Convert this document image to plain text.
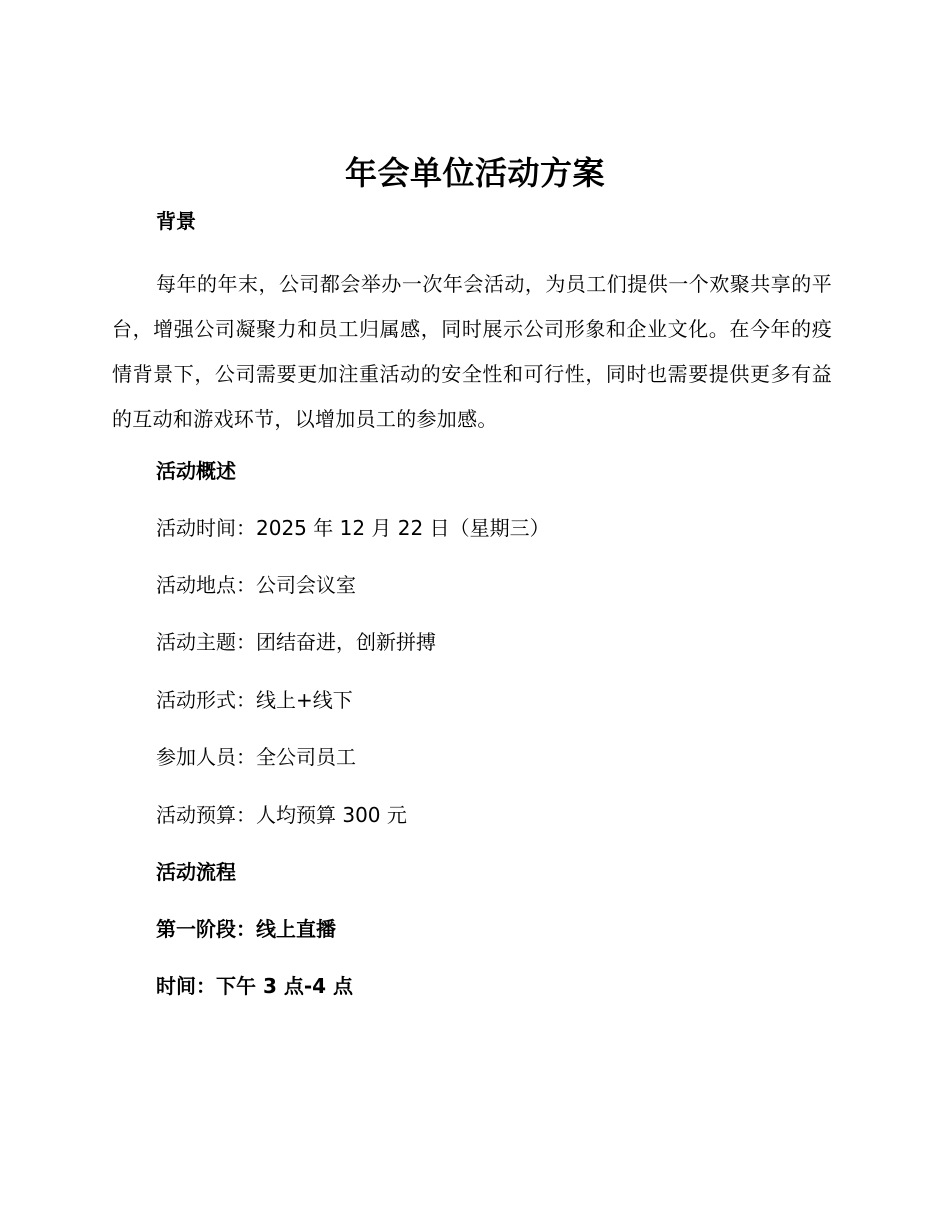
年会单位活动方案
背景
每年的年末，公司都会举办一次年会活动，为员工们提供一个欢聚共享的平台，增强公司凝聚力和员工归属感，同时展示公司形象和企业文化。在今年的疫情背景下，公司需要更加注重活动的安全性和可行性，同时也需要提供更多有益的互动和游戏环节，以增加员工的参加感。
活动概述
活动时间：2025 年 12 月 22 日（星期三）
活动地点：公司会议室
活动主题：团结奋进，创新拼搏
活动形式：线上+线下
参加人员：全公司员工
活动预算：人均预算 300 元
活动流程
第一阶段：线上直播
时间：下午 3 点-4 点
